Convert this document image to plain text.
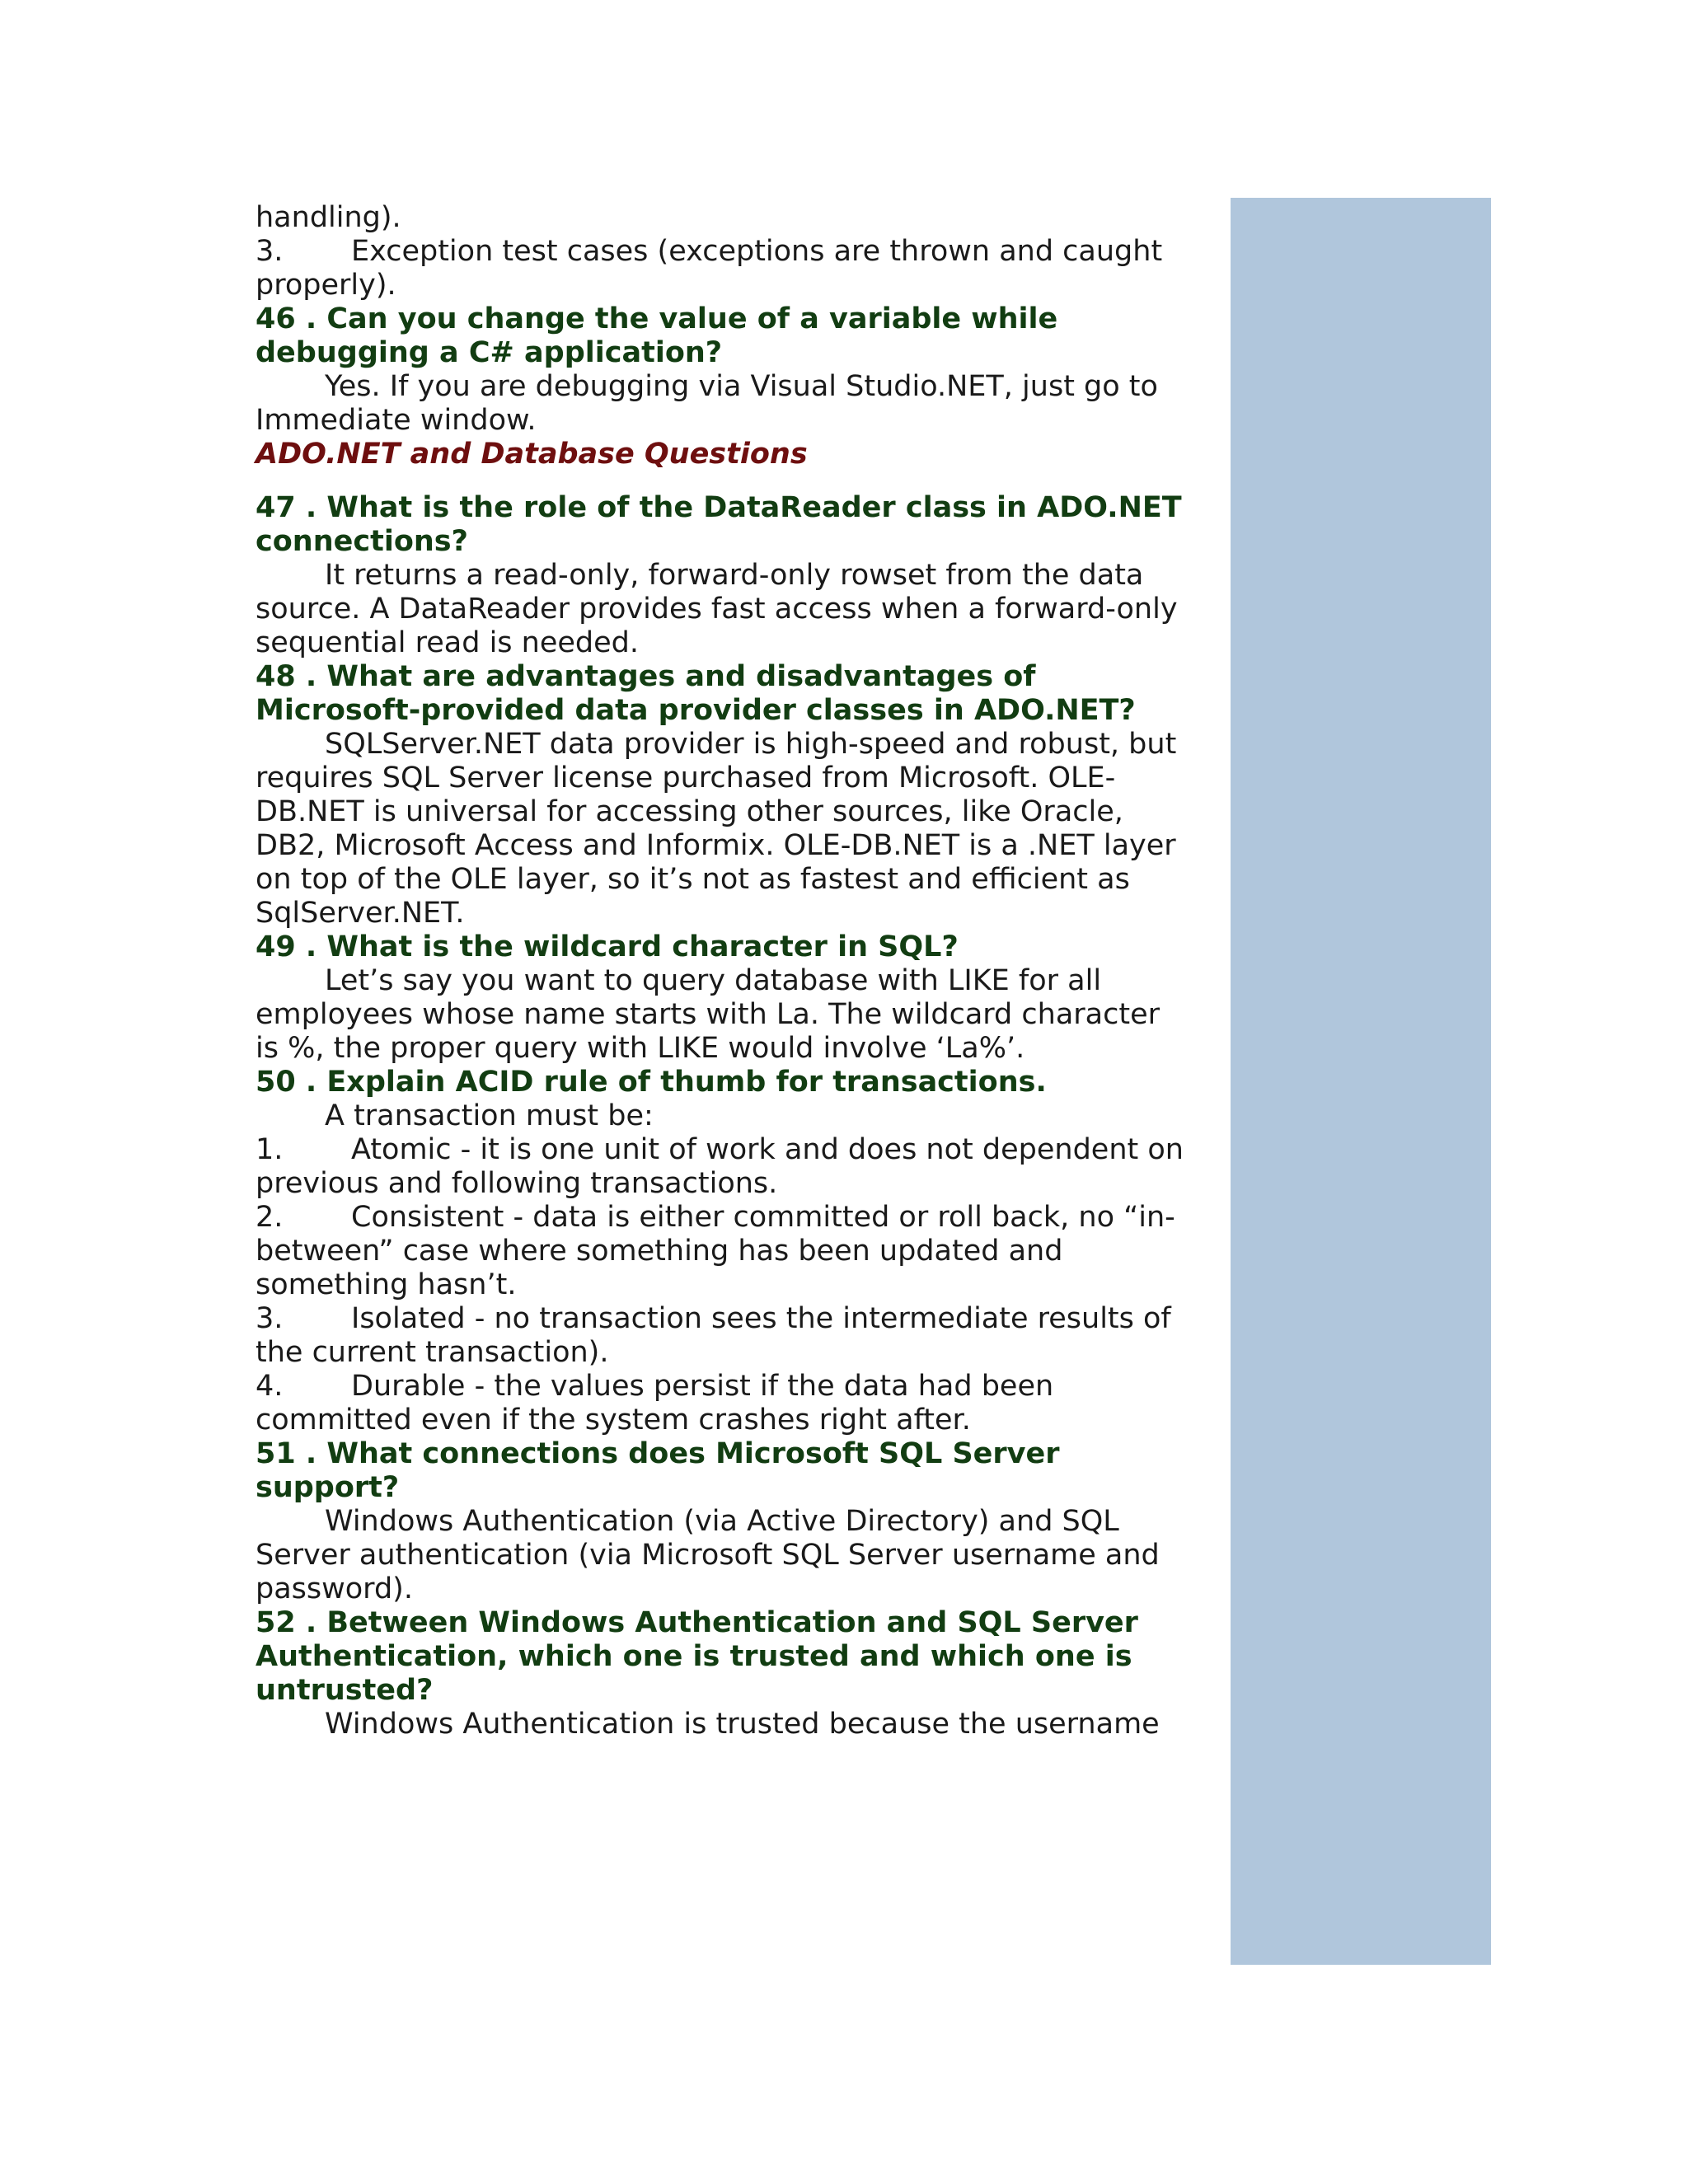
handling).

3. Exception test cases (exceptions are thrown and caught

properly).

46 . Can you change the value of a variable while debugging a C# application?

Yes. If you are debugging via Visual Studio.NET, just go to Immediate window.

ADO.NET and Database Questions

47 . What is the role of the DataReader class in ADO.NET connections?

It returns a read-only, forward-only rowset from the data source. A DataReader provides fast access when a forward-only sequential read is needed.

48 . What are advantages and disadvantages of Microsoft-provided data provider classes in ADO.NET?

SQLServer.NET data provider is high-speed and robust, but requires SQL Server license purchased from Microsoft. OLE-DB.NET is universal for accessing other sources, like Oracle, DB2, Microsoft Access and Informix. OLE-DB.NET is a .NET layer on top of the OLE layer, so it’s not as fastest and efficient as SqlServer.NET.

49 . What is the wildcard character in SQL?

Let’s say you want to query database with LIKE for all employees whose name starts with La. The wildcard character is %, the proper query with LIKE would involve ‘La%’.

50 . Explain ACID rule of thumb for transactions.

A transaction must be:

1. Atomic - it is one unit of work and does not dependent on

previous and following transactions.

2. Consistent - data is either committed or roll back, no “in-

between” case where something has been updated and something hasn’t.

3. Isolated - no transaction sees the intermediate results of

the current transaction).

4. Durable - the values persist if the data had been

committed even if the system crashes right after.

51 . What connections does Microsoft SQL Server support?

Windows Authentication (via Active Directory) and SQL Server authentication (via Microsoft SQL Server username and password).

52 . Between Windows Authentication and SQL Server Authentication, which one is trusted and which one is untrusted?

Windows Authentication is trusted because the username
